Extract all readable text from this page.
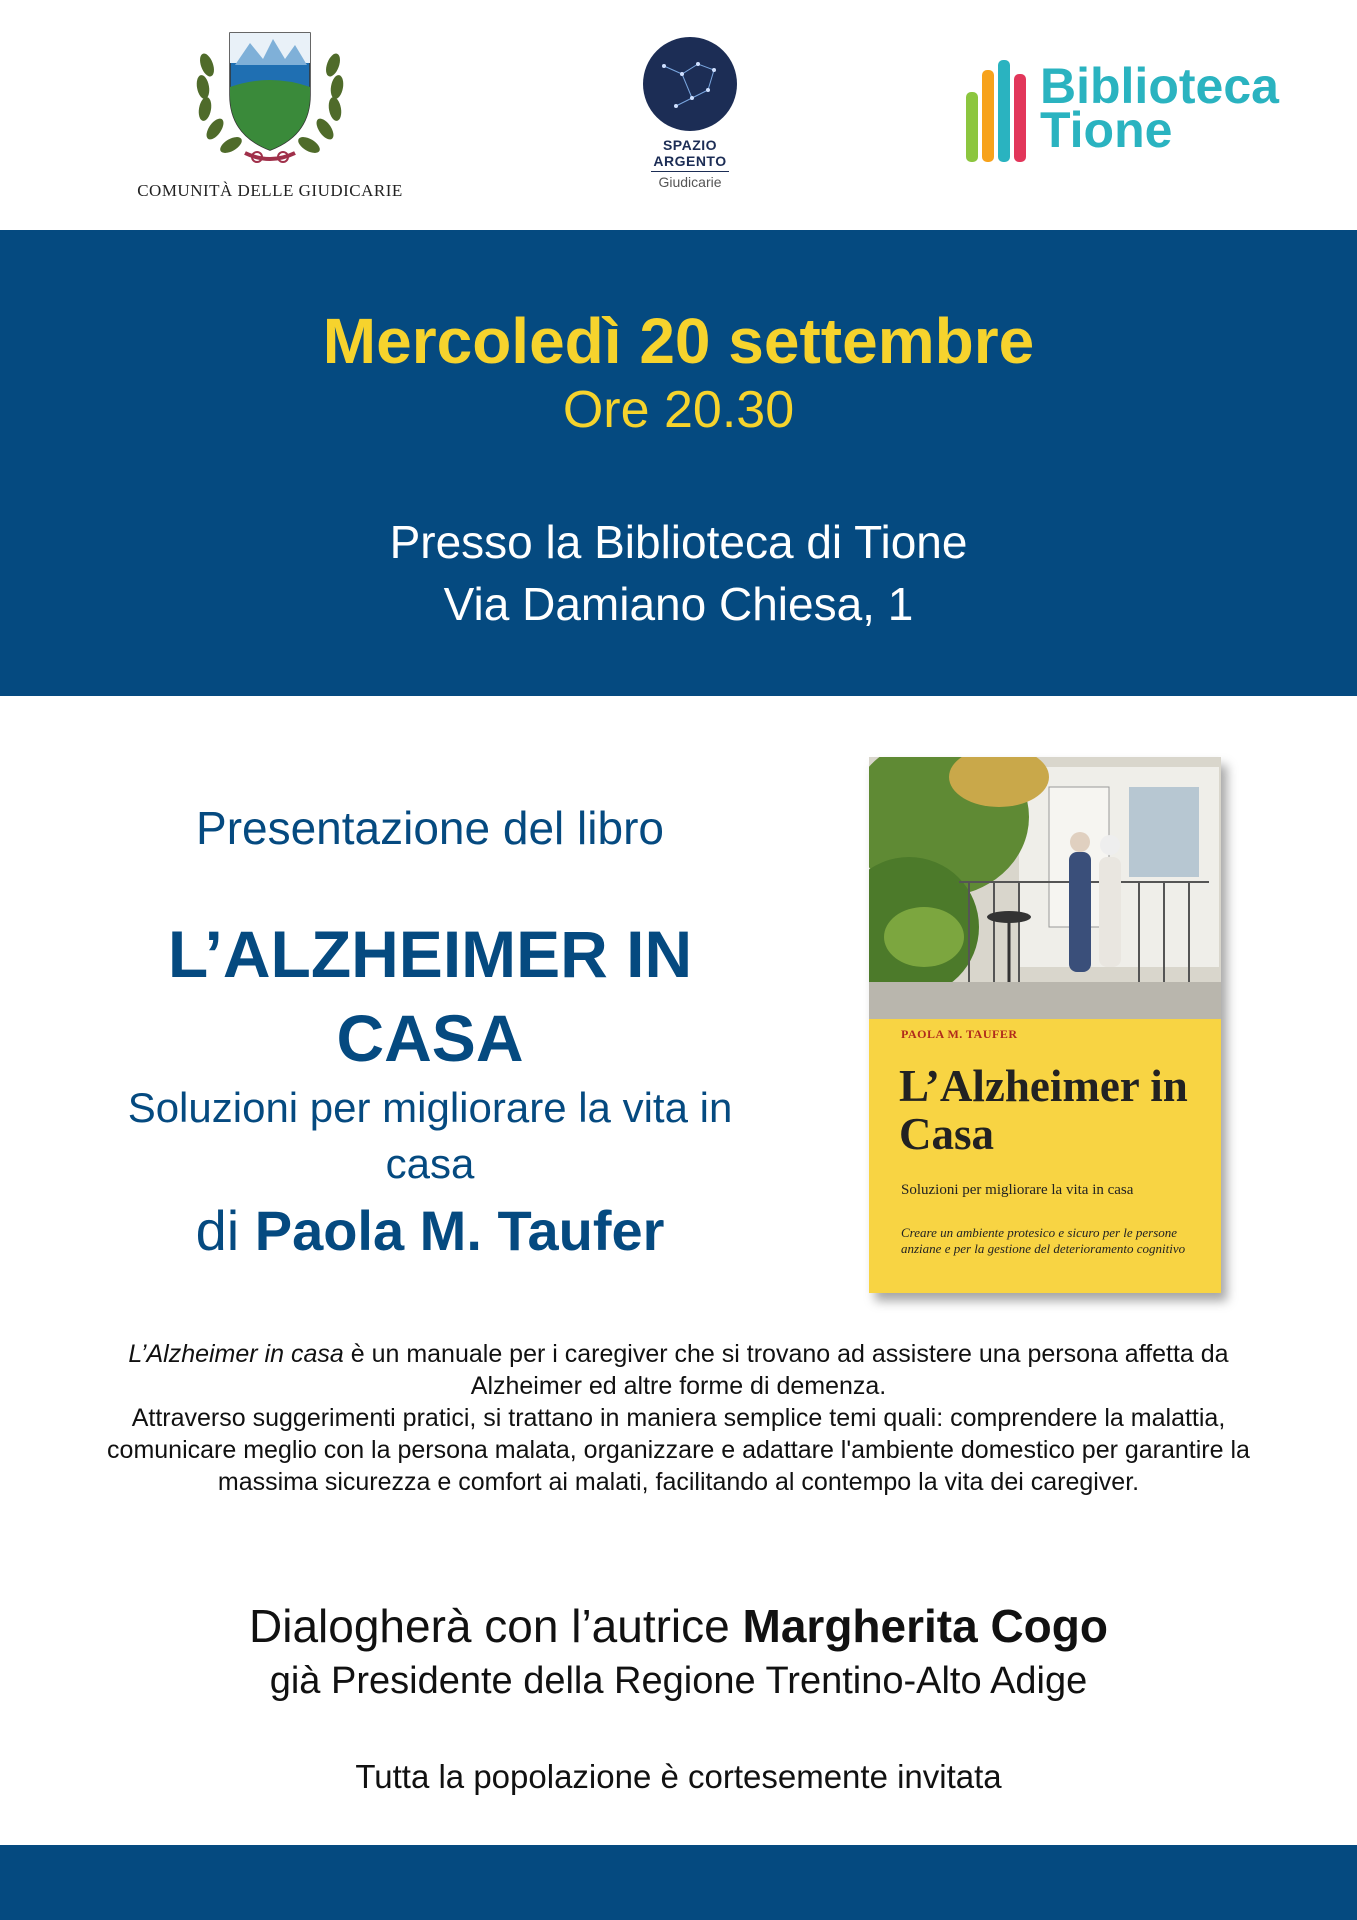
COMUNITÀ DELLE GIUDICARIE
SPAZIO
ARGENTO
Giudicarie
Biblioteca
Tione
Mercoledì 20 settembre
Ore 20.30
Presso la Biblioteca di Tione
Via Damiano Chiesa, 1
Presentazione del libro
L’ALZHEIMER IN CASA
Soluzioni per migliorare la vita in casa
di Paola M. Taufer
PAOLA M. TAUFER
L’Alzheimer in Casa
Soluzioni per migliorare la vita in casa
Creare un ambiente protesico e sicuro per le persone anziane e per la gestione del deterioramento cognitivo
L’Alzheimer in casa è un manuale per i caregiver che si trovano ad assistere una persona affetta da Alzheimer ed altre forme di demenza.
Attraverso suggerimenti pratici, si trattano in maniera semplice temi quali: comprendere la malattia, comunicare meglio con la persona malata, organizzare e adattare l'ambiente domestico per garantire la massima sicurezza e comfort ai malati, facilitando al contempo la vita dei caregiver.
Dialogherà con l’autrice Margherita Cogo
già Presidente della Regione Trentino-Alto Adige
Tutta la popolazione è cortesemente invitata
